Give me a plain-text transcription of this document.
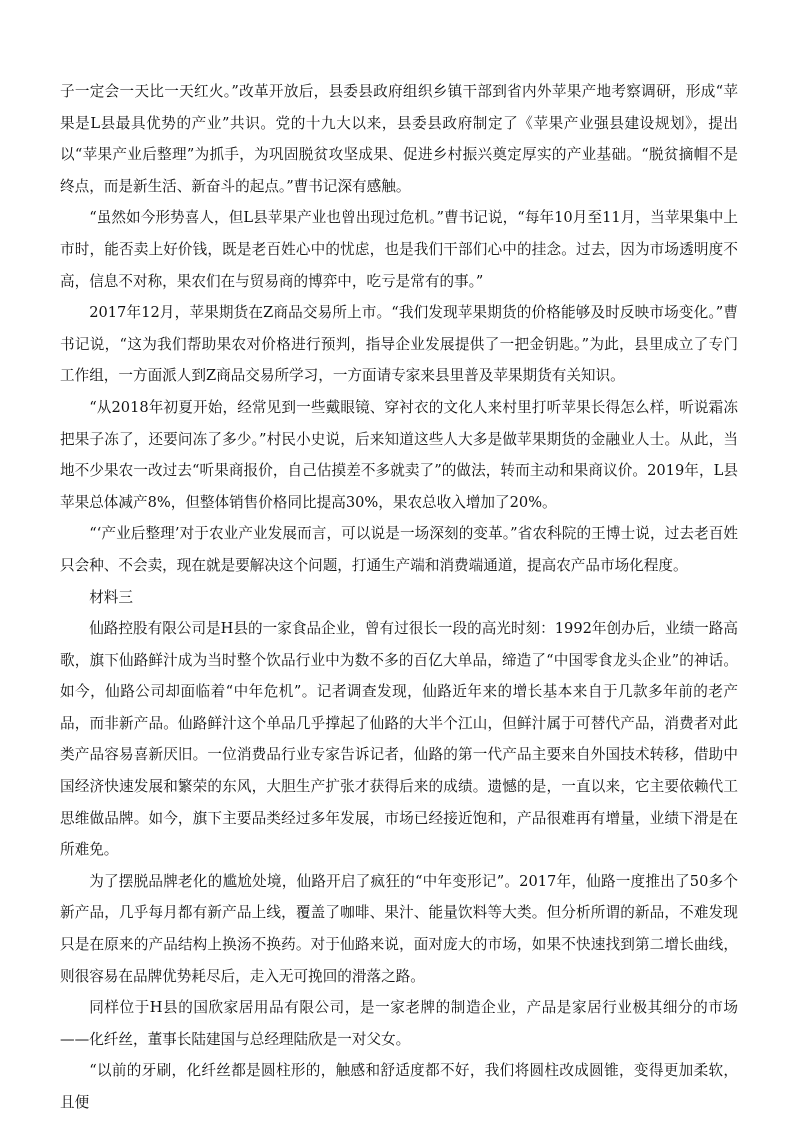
子一定会一天比一天红火。”改革开放后，县委县政府组织乡镇干部到省内外苹果产地考察调研，形成“苹果是L县最具优势的产业”共识。党的十九大以来，县委县政府制定了《苹果产业强县建设规划》，提出以“苹果产业后整理”为抓手，为巩固脱贫攻坚成果、促进乡村振兴奠定厚实的产业基础。“脱贫摘帽不是终点，而是新生活、新奋斗的起点。”曹书记深有感触。

“虽然如今形势喜人，但L县苹果产业也曾出现过危机。”曹书记说，“每年10月至11月，当苹果集中上市时，能否卖上好价钱，既是老百姓心中的忧虑，也是我们干部们心中的挂念。过去，因为市场透明度不高，信息不对称，果农们在与贸易商的博弈中，吃亏是常有的事。”

2017年12月，苹果期货在Z商品交易所上市。“我们发现苹果期货的价格能够及时反映市场变化。”曹书记说，“这为我们帮助果农对价格进行预判，指导企业发展提供了一把金钥匙。”为此，县里成立了专门工作组，一方面派人到Z商品交易所学习，一方面请专家来县里普及苹果期货有关知识。

“从2018年初夏开始，经常见到一些戴眼镜、穿衬衣的文化人来村里打听苹果长得怎么样，听说霜冻把果子冻了，还要问冻了多少。”村民小史说，后来知道这些人大多是做苹果期货的金融业人士。从此，当地不少果农一改过去“听果商报价，自己估摸差不多就卖了”的做法，转而主动和果商议价。2019年，L县苹果总体减产8%，但整体销售价格同比提高30%，果农总收入增加了20%。

“‘产业后整理’对于农业产业发展而言，可以说是一场深刻的变革。”省农科院的王博士说，过去老百姓只会种、不会卖，现在就是要解决这个问题，打通生产端和消费端通道，提高农产品市场化程度。

材料三

仙路控股有限公司是H县的一家食品企业，曾有过很长一段的高光时刻：1992年创办后，业绩一路高歌，旗下仙路鲜汁成为当时整个饮品行业中为数不多的百亿大单品，缔造了“中国零食龙头企业”的神话。如今，仙路公司却面临着“中年危机”。记者调查发现，仙路近年来的增长基本来自于几款多年前的老产品，而非新产品。仙路鲜汁这个单品几乎撑起了仙路的大半个江山，但鲜汁属于可替代产品，消费者对此类产品容易喜新厌旧。一位消费品行业专家告诉记者，仙路的第一代产品主要来自外国技术转移，借助中国经济快速发展和繁荣的东风，大胆生产扩张才获得后来的成绩。遗憾的是，一直以来，它主要依赖代工思维做品牌。如今，旗下主要品类经过多年发展，市场已经接近饱和，产品很难再有增量，业绩下滑是在所难免。

为了摆脱品牌老化的尴尬处境，仙路开启了疯狂的“中年变形记”。2017年，仙路一度推出了50多个新产品，几乎每月都有新产品上线，覆盖了咖啡、果汁、能量饮料等大类。但分析所谓的新品，不难发现只是在原来的产品结构上换汤不换药。对于仙路来说，面对庞大的市场，如果不快速找到第二增长曲线，则很容易在品牌优势耗尽后，走入无可挽回的滑落之路。

同样位于H县的国欣家居用品有限公司，是一家老牌的制造企业，产品是家居行业极其细分的市场——化纤丝，董事长陆建国与总经理陆欣是一对父女。

“以前的牙刷，化纤丝都是圆柱形的，触感和舒适度都不好，我们将圆柱改成圆锥，变得更加柔软，且便
